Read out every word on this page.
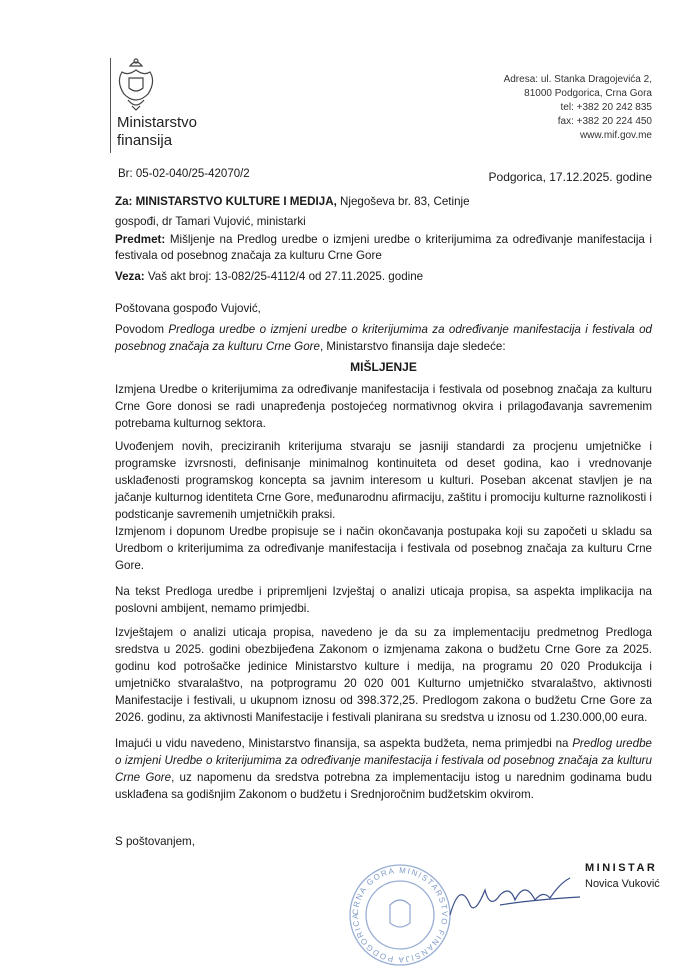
Ministarstvo
finansija
Adresa: ul. Stanka Dragojevića 2,
81000 Podgorica, Crna Gora
tel: +382 20 242 835
fax: +382 20 224 450
www.mif.gov.me
Br: 05-02-040/25-42070/2	Podgorica, 17.12.2025. godine
Za: MINISTARSTVO KULTURE I MEDIJA, Njegoševa br. 83, Cetinje
gospođi, dr Tamari Vujović, ministarki
Predmet: Mišljenje na Predlog uredbe o izmjeni uredbe o kriterijumima za određivanje manifestacija i festivala od posebnog značaja za kulturu Crne Gore
Veza: Vaš akt broj: 13-082/25-4112/4 od 27.11.2025. godine
Poštovana gospođo Vujović,
Povodom Predloga uredbe o izmjeni uredbe o kriterijumima za određivanje manifestacija i festivala od posebnog značaja za kulturu Crne Gore, Ministarstvo finansija daje sledeće:
MIŠLJENJE
Izmjena Uredbe o kriterijumima za određivanje manifestacija i festivala od posebnog značaja za kulturu Crne Gore donosi se radi unapređenja postojećeg normativnog okvira i prilagođavanja savremenim potrebama kulturnog sektora.
Uvođenjem novih, preciziranih kriterijuma stvaraju se jasniji standardi za procjenu umjetničke i programske izvrsnosti, definisanje minimalnog kontinuiteta od deset godina, kao i vrednovanje usklađenosti programskog koncepta sa javnim interesom u kulturi. Poseban akcenat stavljen je na jačanje kulturnog identiteta Crne Gore, međunarodnu afirmaciju, zaštitu i promociju kulturne raznolikosti i podsticanje savremenih umjetničkih praksi.
Izmjenom i dopunom Uredbe propisuje se i način okončavanja postupaka koji su započeti u skladu sa Uredbom o kriterijumima za određivanje manifestacija i festivala od posebnog značaja za kulturu Crne Gore.
Na tekst Predloga uredbe i pripremljeni Izvještaj o analizi uticaja propisa, sa aspekta implikacija na poslovni ambijent, nemamo primjedbi.
Izvještajem o analizi uticaja propisa, navedeno je da su za implementaciju predmetnog Predloga sredstva u 2025. godini obezbijeđena Zakonom o izmjenama zakona o budžetu Crne Gore za 2025. godinu kod potrošačke jedinice Ministarstvo kulture i medija, na programu 20 020 Produkcija i umjetničko stvaralaštvo, na potprogramu 20 020 001 Kulturno umjetničko stvaralaštvo, aktivnosti Manifestacije i festivali, u ukupnom iznosu od 398.372,25. Predlogom zakona o budžetu Crne Gore za 2026. godinu, za aktivnosti Manifestacije i festivali planirana su sredstva u iznosu od 1.230.000,00 eura.
Imajući u vidu navedeno, Ministarstvo finansija, sa aspekta budžeta, nema primjedbi na Predlog uredbe o izmjeni Uredbe o kriterijumima za određivanje manifestacija i festivala od posebnog značaja za kulturu Crne Gore, uz napomenu da sredstva potrebna za implementaciju istog u narednim godinama budu usklađena sa godišnjim Zakonom o budžetu i Srednjoročnim budžetskim okvirom.
S poštovanjem,
CRNA GORA MINISTARSTVO FINANSIJA PODGORICA
MINISTAR
Novica Vuković
